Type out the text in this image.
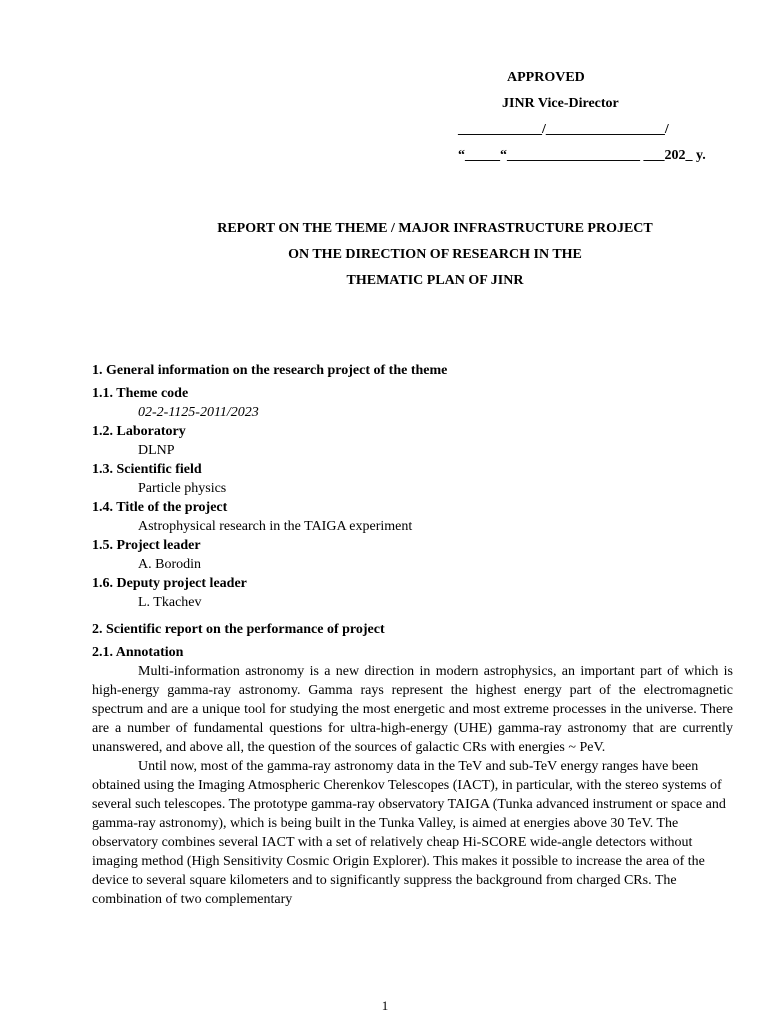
APPROVED
JINR Vice-Director
____________/_________________/
“_____“___________________ ___202_ y.
REPORT ON THE THEME / MAJOR INFRASTRUCTURE PROJECT
ON THE DIRECTION OF RESEARCH IN THE
THEMATIC PLAN OF JINR
1. General information on the research project of the theme
1.1. Theme code
02-2-1125-2011/2023
1.2. Laboratory
DLNP
1.3. Scientific field
Particle physics
1.4. Title of the project
Astrophysical research in the TAIGA experiment
1.5. Project leader
A. Borodin
1.6. Deputy project leader
L. Tkachev
2. Scientific report on the performance of project
2.1. Annotation

Multi-information astronomy is a new direction in modern astrophysics, an important part of which is high-energy gamma-ray astronomy. Gamma rays represent the highest energy part of the electromagnetic spectrum and are a unique tool for studying the most energetic and most extreme processes in the universe. There are a number of fundamental questions for ultra-high-energy (UHE) gamma-ray astronomy that are currently unanswered, and above all, the question of the sources of galactic CRs with energies ~ PeV.

Until now, most of the gamma-ray astronomy data in the TeV and sub-TeV energy ranges have been obtained using the Imaging Atmospheric Cherenkov Telescopes (IACT), in particular, with the stereo systems of several such telescopes. The prototype gamma-ray observatory TAIGA (Tunka advanced instrument or space and gamma-ray astronomy), which is being built in the Tunka Valley, is aimed at energies above 30 TeV. The observatory combines several IACT with a set of relatively cheap Hi-SCORE wide-angle detectors without imaging method (High Sensitivity Cosmic Origin Explorer). This makes it possible to increase the area of the device to several square kilometers and to significantly suppress the background from charged CRs. The combination of two complementary

1
